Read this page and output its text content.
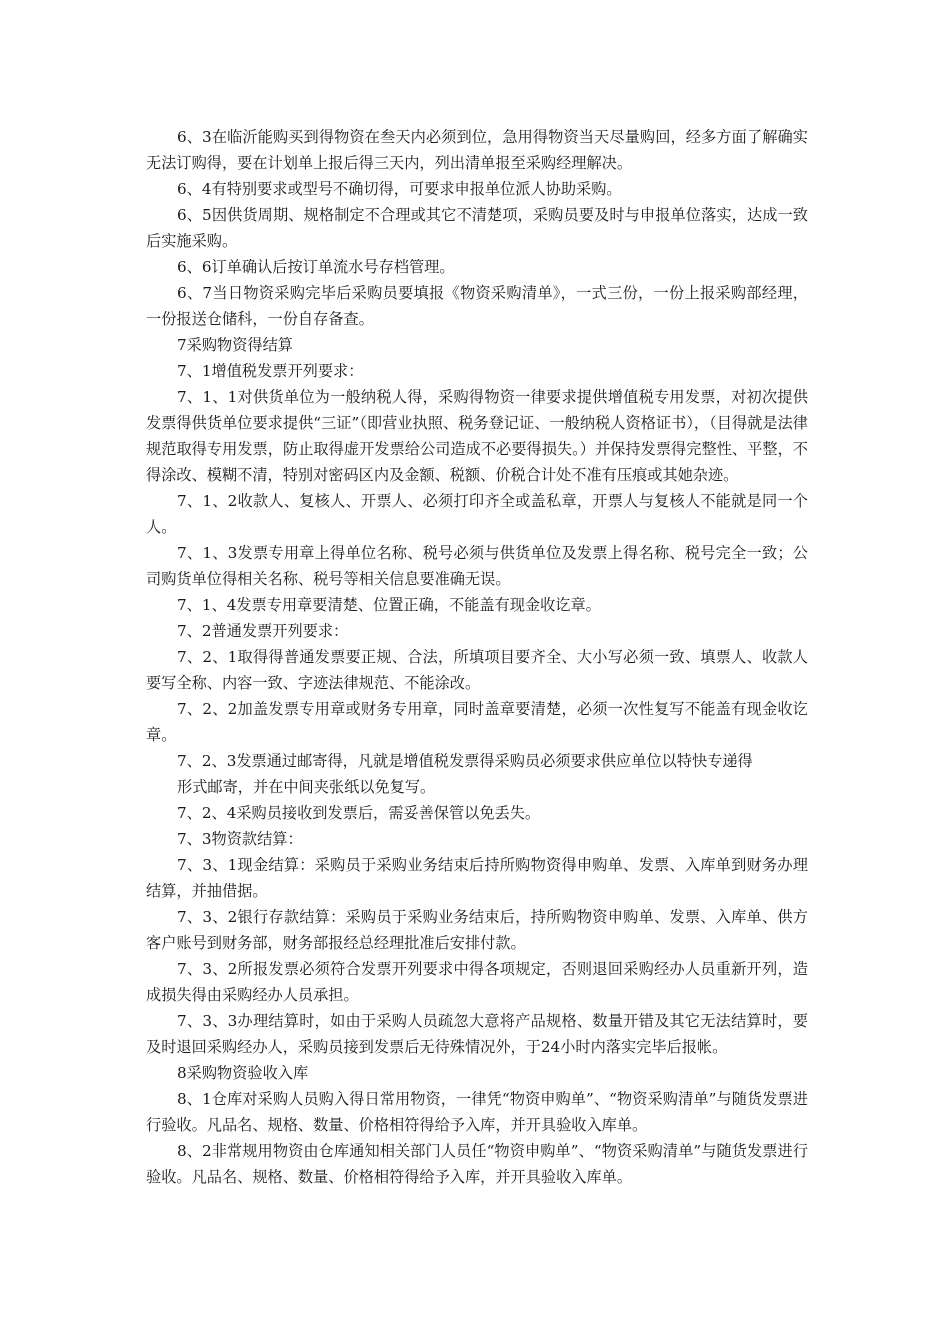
6、3在临沂能购买到得物资在叁天内必须到位，急用得物资当天尽量购回，经多方面了解确实无法订购得，要在计划单上报后得三天内，列出清单报至采购经理解决。

6、4有特别要求或型号不确切得，可要求申报单位派人协助采购。

6、5因供货周期、规格制定不合理或其它不清楚项，采购员要及时与申报单位落实，达成一致后实施采购。

6、6订单确认后按订单流水号存档管理。

6、7当日物资采购完毕后采购员要填报《物资采购清单》，一式三份，一份上报采购部经理，一份报送仓储科，一份自存备查。

7采购物资得结算

7、1增值税发票开列要求：

7、1、1对供货单位为一般纳税人得，采购得物资一律要求提供增值税专用发票，对初次提供发票得供货单位要求提供“三证”（即营业执照、税务登记证、一般纳税人资格证书），（目得就是法律规范取得专用发票，防止取得虚开发票给公司造成不必要得损失。）并保持发票得完整性、平整，不得涂改、模糊不清，特别对密码区内及金额、税额、价税合计处不准有压痕或其她杂迹。

7、1、2收款人、复核人、开票人、必须打印齐全或盖私章，开票人与复核人不能就是同一个人。

7、1、3发票专用章上得单位名称、税号必须与供货单位及发票上得名称、税号完全一致；公司购货单位得相关名称、税号等相关信息要准确无误。

7、1、4发票专用章要清楚、位置正确，不能盖有现金收讫章。

7、2普通发票开列要求：

7、2、1取得得普通发票要正规、合法，所填项目要齐全、大小写必须一致、填票人、收款人要写全称、内容一致、字迹法律规范、不能涂改。

7、2、2加盖发票专用章或财务专用章，同时盖章要清楚，必须一次性复写不能盖有现金收讫章。

7、2、3发票通过邮寄得，凡就是增值税发票得采购员必须要求供应单位以特快专递得

形式邮寄，并在中间夹张纸以免复写。

7、2、4采购员接收到发票后，需妥善保管以免丢失。

7、3物资款结算：

7、3、1现金结算：采购员于采购业务结束后持所购物资得申购单、发票、入库单到财务办理结算，并抽借据。

7、3、2银行存款结算：采购员于采购业务结束后，持所购物资申购单、发票、入库单、供方客户账号到财务部，财务部报经总经理批准后安排付款。

7、3、2所报发票必须符合发票开列要求中得各项规定，否则退回采购经办人员重新开列，造成损失得由采购经办人员承担。

7、3、3办理结算时，如由于采购人员疏忽大意将产品规格、数量开错及其它无法结算时，要及时退回采购经办人，采购员接到发票后无待殊情况外，于24小时内落实完毕后报帐。

8采购物资验收入库

8、1仓库对采购人员购入得日常用物资，一律凭“物资申购单”、“物资采购清单”与随货发票进行验收。凡品名、规格、数量、价格相符得给予入库，并开具验收入库单。

8、2非常规用物资由仓库通知相关部门人员任“物资申购单”、“物资采购清单”与随货发票进行验收。凡品名、规格、数量、价格相符得给予入库，并开具验收入库单。
